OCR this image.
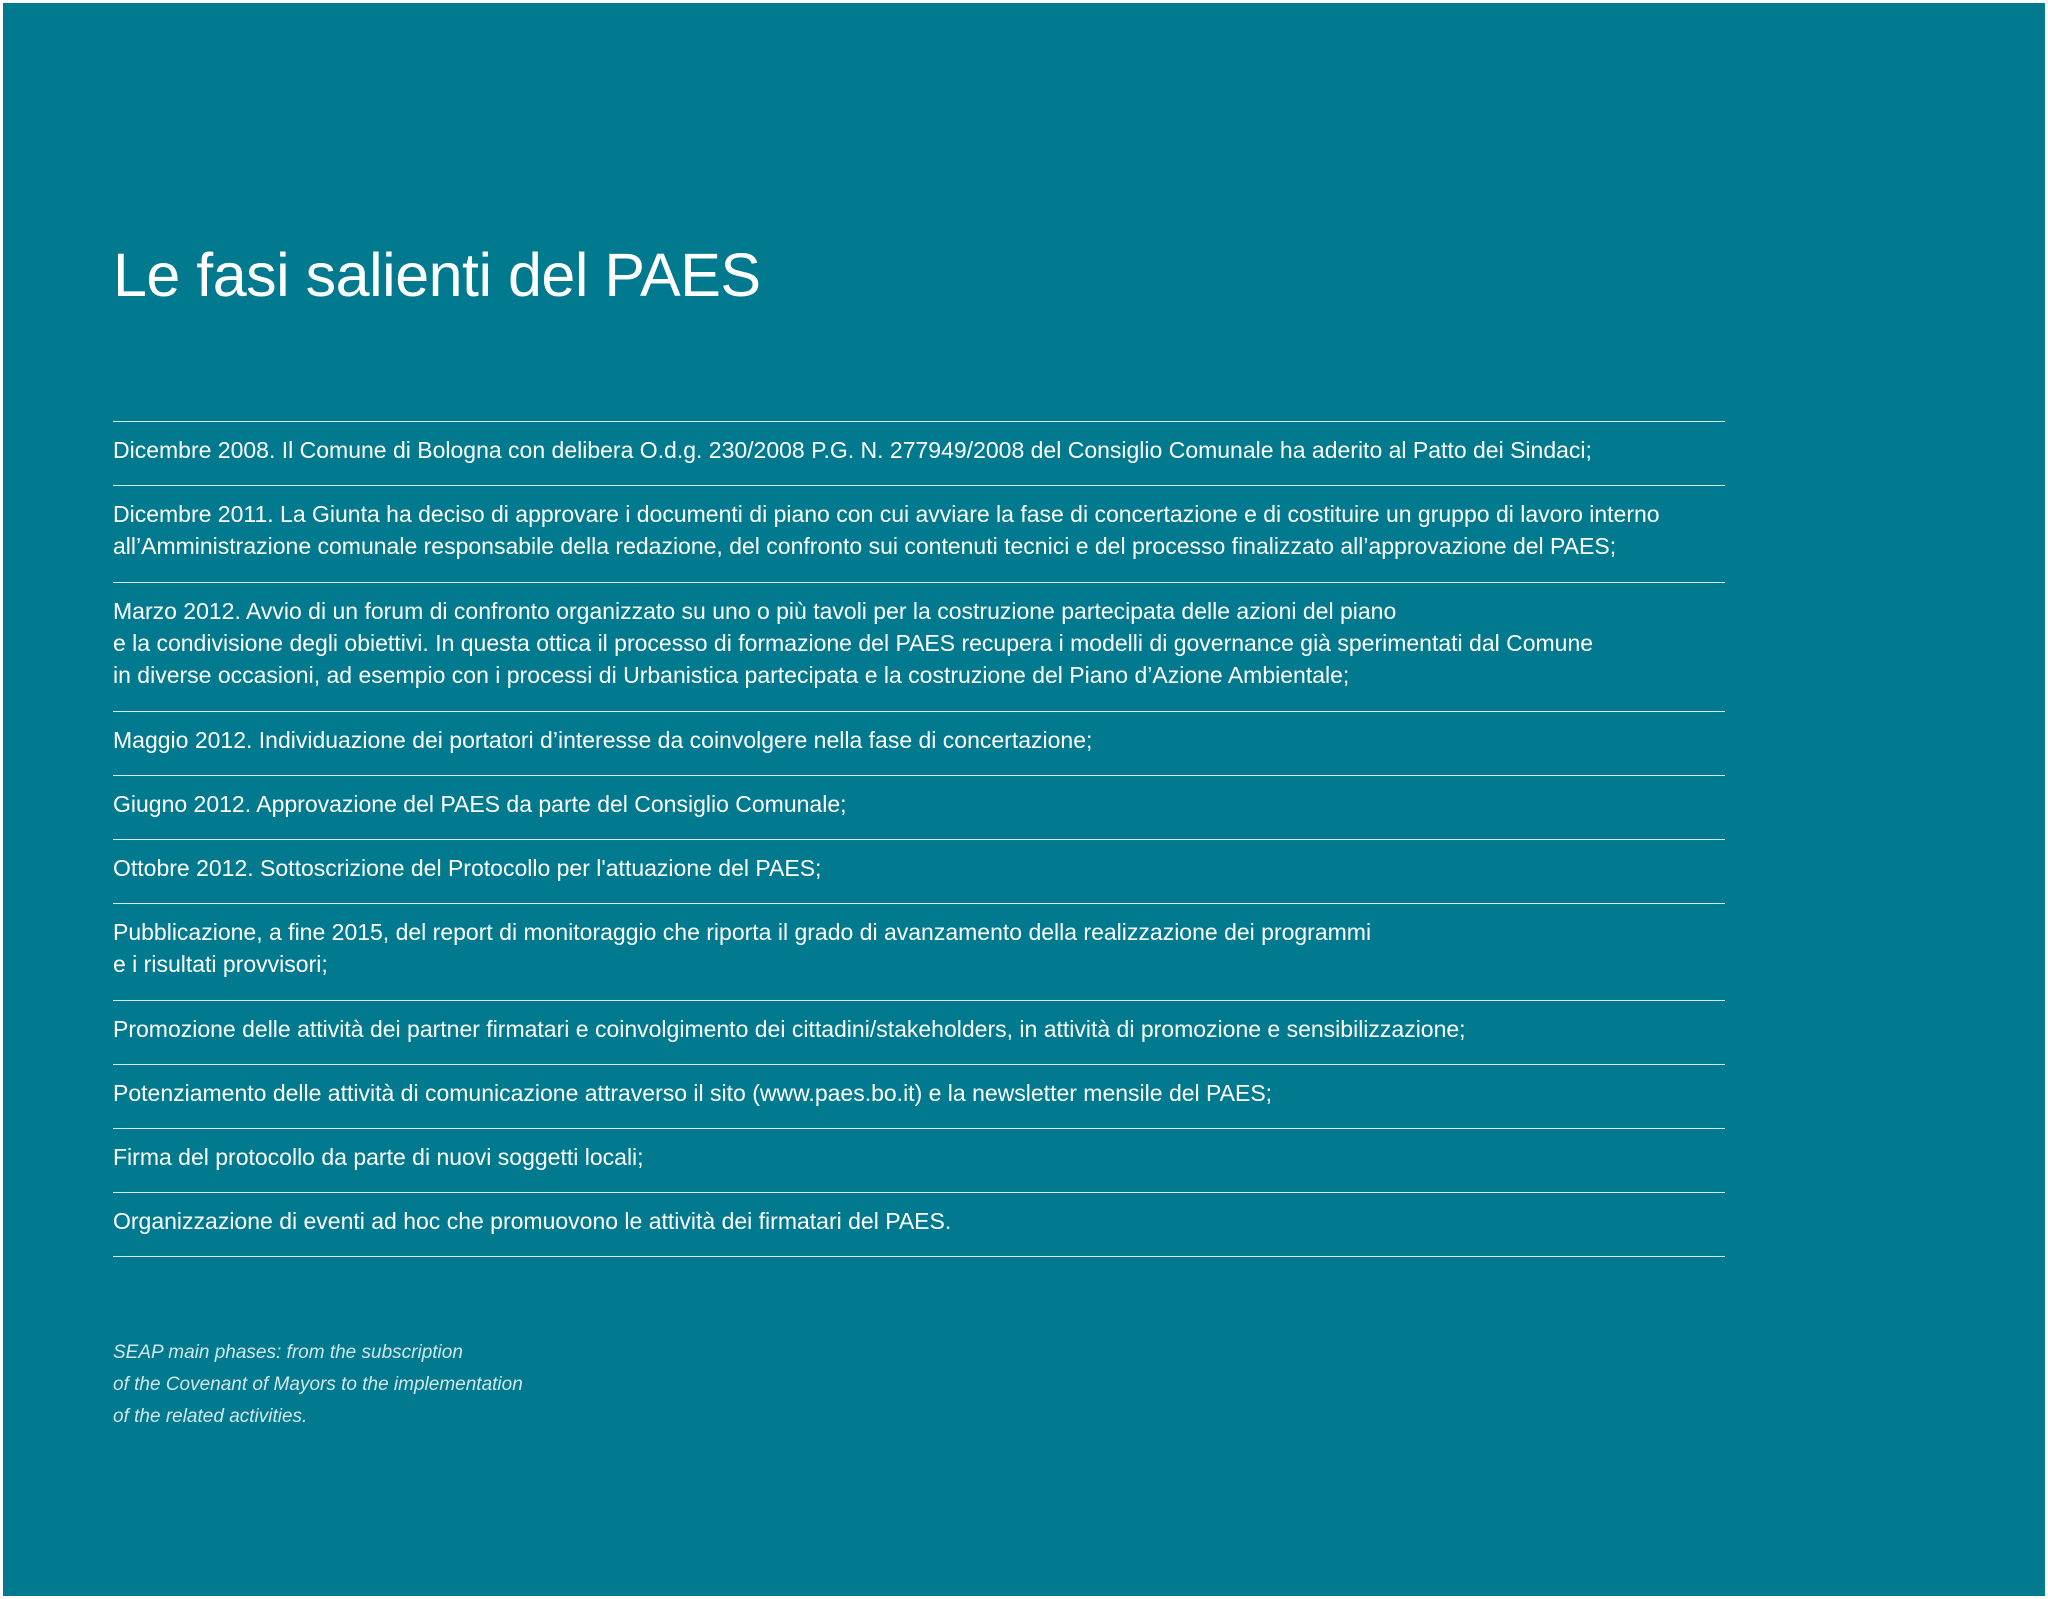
Le fasi salienti del PAES
Dicembre 2008. Il Comune di Bologna con delibera O.d.g. 230/2008 P.G. N. 277949/2008 del Consiglio Comunale ha aderito al Patto dei Sindaci;
Dicembre 2011. La Giunta ha deciso di approvare i documenti di piano con cui avviare la fase di concertazione e di costituire un gruppo di lavoro interno
all’Amministrazione comunale responsabile della redazione, del confronto sui contenuti tecnici e del processo finalizzato all’approvazione del PAES;
Marzo 2012. Avvio di un forum di confronto organizzato su uno o più tavoli per la costruzione partecipata delle azioni del piano
e la condivisione degli obiettivi. In questa ottica il processo di formazione del PAES recupera i modelli di governance già sperimentati dal Comune
in diverse occasioni, ad esempio con i processi di Urbanistica partecipata e la costruzione del Piano d’Azione Ambientale;
Maggio 2012. Individuazione dei portatori d’interesse da coinvolgere nella fase di concertazione;
Giugno 2012. Approvazione del PAES da parte del Consiglio Comunale;
Ottobre 2012. Sottoscrizione del Protocollo per l'attuazione del PAES;
Pubblicazione, a fine 2015, del report di monitoraggio che riporta il grado di avanzamento della realizzazione dei programmi
e i risultati provvisori;
Promozione delle attività dei partner firmatari e coinvolgimento dei cittadini/stakeholders, in attività di promozione e sensibilizzazione;
Potenziamento delle attività di comunicazione attraverso il sito (www.paes.bo.it) e la newsletter mensile del PAES;
Firma del protocollo da parte di nuovi soggetti locali;
Organizzazione di eventi ad hoc che promuovono le attività dei firmatari del PAES.
SEAP main phases: from the subscription
of the Covenant of Mayors to the implementation
of the related activities.
